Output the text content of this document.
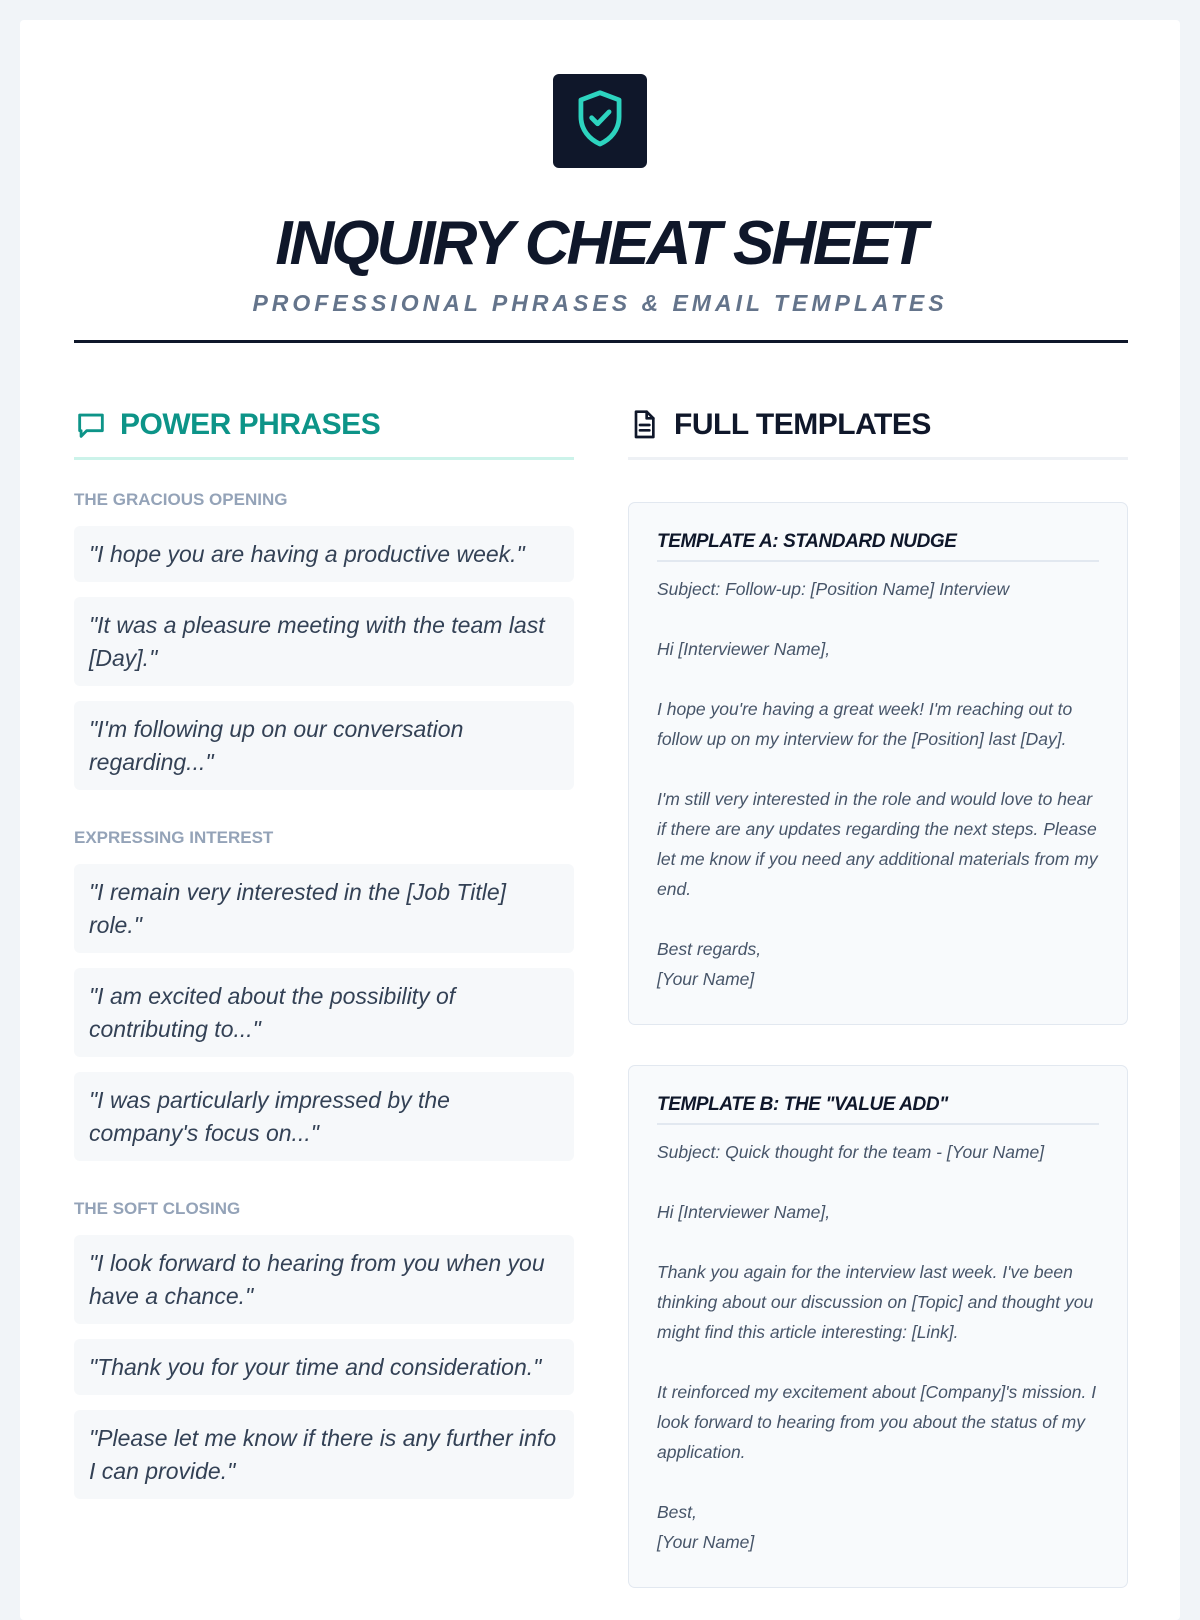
INQUIRY CHEAT SHEET
PROFESSIONAL PHRASES & EMAIL TEMPLATES
POWER PHRASES
THE GRACIOUS OPENING
"I hope you are having a productive week."
"It was a pleasure meeting with the team last [Day]."
"I'm following up on our conversation regarding..."
EXPRESSING INTEREST
"I remain very interested in the [Job Title] role."
"I am excited about the possibility of contributing to..."
"I was particularly impressed by the company's focus on..."
THE SOFT CLOSING
"I look forward to hearing from you when you have a chance."
"Thank you for your time and consideration."
"Please let me know if there is any further info I can provide."
FULL TEMPLATES
TEMPLATE A: STANDARD NUDGE
Subject: Follow-up: [Position Name] Interview

Hi [Interviewer Name],

I hope you're having a great week! I'm reaching out to follow up on my interview for the [Position] last [Day].

I'm still very interested in the role and would love to hear if there are any updates regarding the next steps. Please let me know if you need any additional materials from my end.

Best regards,
[Your Name]
TEMPLATE B: THE "VALUE ADD"
Subject: Quick thought for the team - [Your Name]

Hi [Interviewer Name],

Thank you again for the interview last week. I've been thinking about our discussion on [Topic] and thought you might find this article interesting: [Link].

It reinforced my excitement about [Company]'s mission. I look forward to hearing from you about the status of my application.

Best,
[Your Name]
